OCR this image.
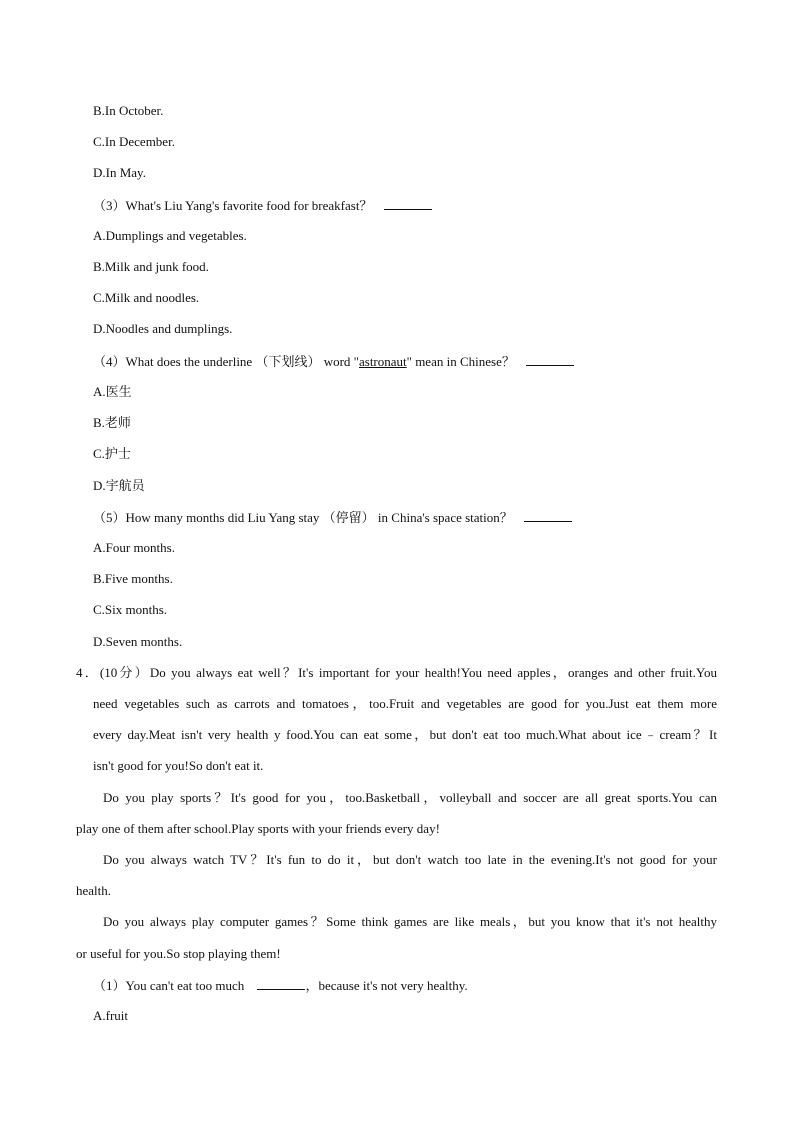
B.In October.
C.In December.
D.In May.
（3）What's Liu Yang's favorite food for breakfast？
A.Dumplings and vegetables.
B.Milk and junk food.
C.Milk and noodles.
D.Noodles and dumplings.
（4）What does the underline （下划线） word "astronaut" mean in Chinese？
A.医生
B.老师
C.护士
D.宇航员
（5）How many months did Liu Yang stay （停留） in China's space station？
A.Four months.
B.Five months.
C.Six months.
D.Seven months.
4．(10分）Do you always eat well？It's important for your health!You need apples，oranges and other fruit.You
need vegetables such as carrots and tomatoes，too.Fruit and vegetables are good for you.Just eat them more
every day.Meat isn't very health y food.You can eat some，but don't eat too much.What about ice﹣cream？It
isn't good for you!So don't eat it.
Do you play sports？It's good for you，too.Basketball，volleyball and soccer are all great sports.You can
play one of them after school.Play sports with your friends every day!
Do you always watch TV？It's fun to do it，but don't watch too late in the evening.It's not good for your
health.
Do you always play computer games？Some think games are like meals，but you know that it's not healthy
or useful for you.So stop playing them!
（1）You can't eat too much	，because it's not very healthy.
A.fruit
